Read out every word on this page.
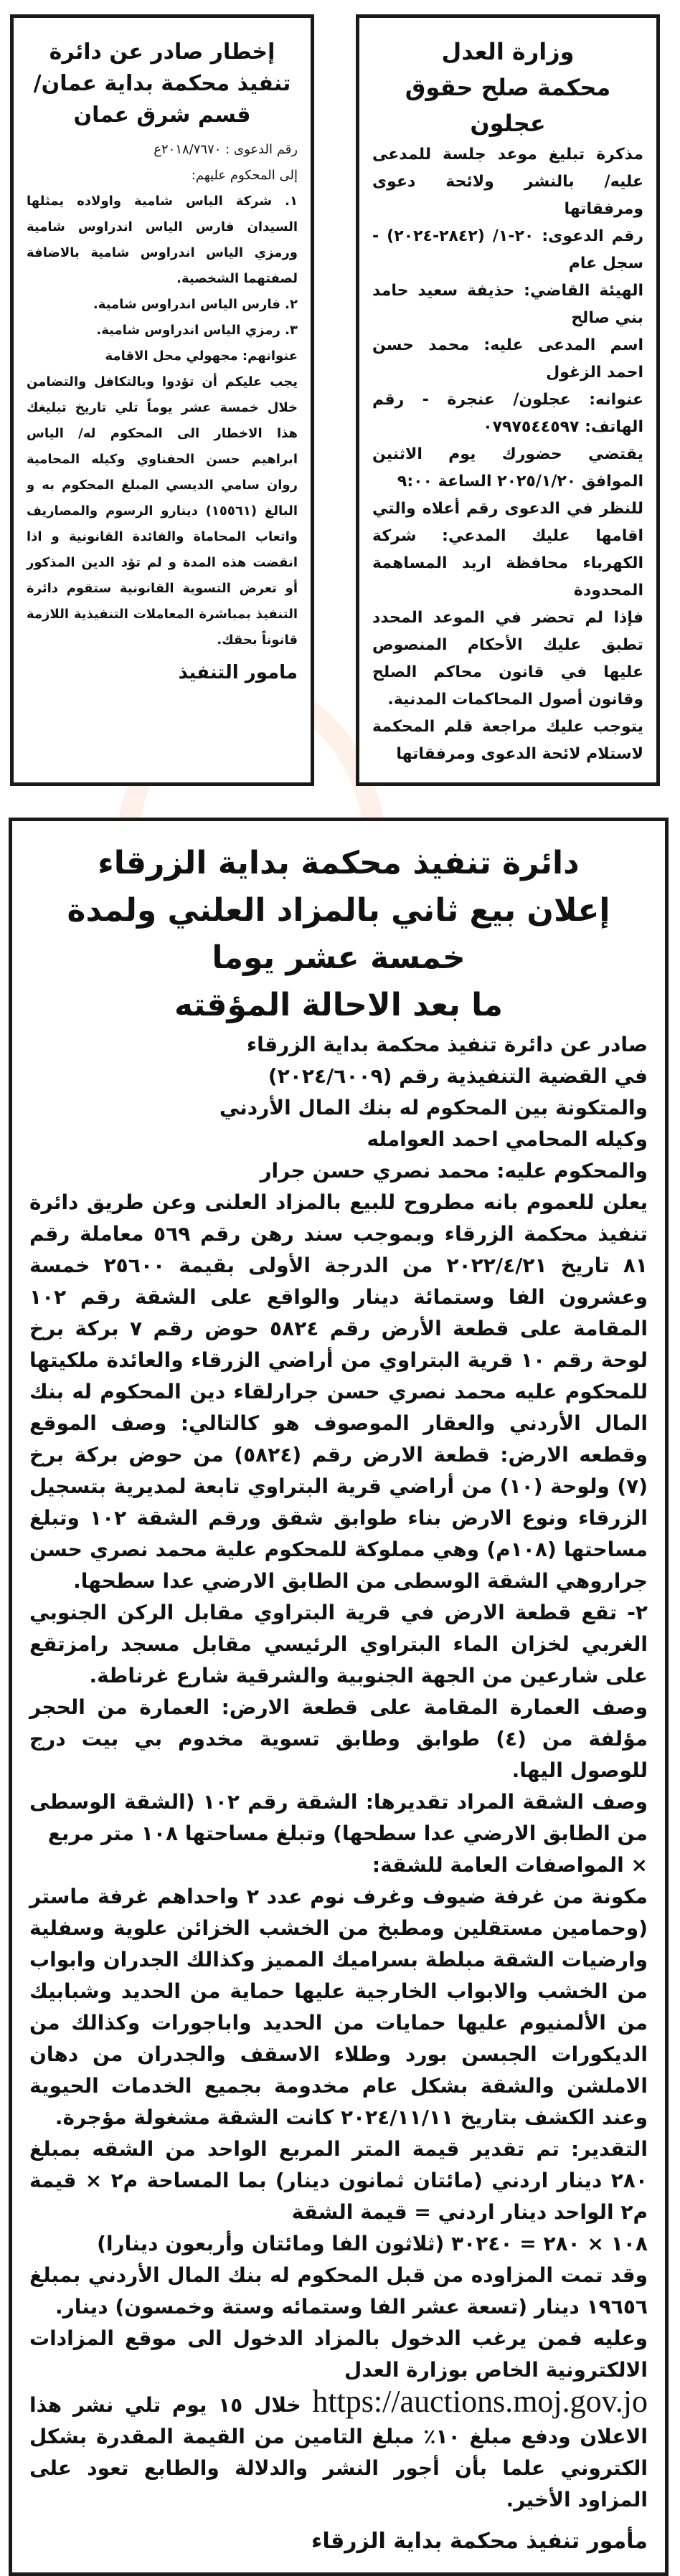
وزارة العدل
محكمة صلح حقوق عجلون
مذكرة تبليغ موعد جلسة للمدعى عليه/ بالنشر ولائحة دعوى ومرفقاتها
رقم الدعوى: ٢٠-١/ (٢٨٤٢-٢٠٢٤) - سجل عام
الهيئة القاضي: حذيفة سعيد حامد بني صالح
اسم المدعى عليه: محمد حسن احمد الزغول
عنوانه: عجلون/ عنجرة - رقم الهاتف: ٠٧٩٧٥٤٤٥٩٧
يقتضي حضورك يوم الاثنين الموافق ٢٠٢٥/١/٢٠ الساعة ٩:٠٠
للنظر في الدعوى رقم أعلاه والتي اقامها عليك المدعي: شركة الكهرباء محافظة اربد المساهمة المحدودة
فإذا لم تحضر في الموعد المحدد تطبق عليك الأحكام المنصوص عليها في قانون محاكم الصلح وقانون أصول المحاكمات المدنية.
يتوجب عليك مراجعة قلم المحكمة لاستلام لائحة الدعوى ومرفقاتها
إخطار صادر عن دائرة تنفيذ محكمة بداية عمان/ قسم شرق عمان
رقم الدعوى : ٢٠١٨/٧٦٧٠ع
إلى المحكوم عليهم:
١. شركة الياس شامية واولاده يمثلها السيدان فارس الياس اندراوس شامية ورمزي الياس اندراوس شامية بالاضافة لصفتهما الشخصية.
٢. فارس الياس اندراوس شامية.
٣. رمزي الياس اندراوس شامية.
عنوانهم: مجهولي محل الاقامة
يجب عليكم أن تؤدوا وبالتكافل والتضامن خلال خمسة عشر يوماً تلي تاريخ تبليغك هذا الاخطار الى المحكوم له/ الياس ابراهيم حسن الحفناوي وكيله المحامية روان سامي الديسي المبلغ المحكوم به و البالغ (١٥٥٦١) دينارو الرسوم والمصاريف واتعاب المحاماة والفائدة القانونية و اذا انقضت هذه المدة و لم تؤد الدين المذكور أو تعرض التسوية القانونية ستقوم دائرة التنفيذ بمباشرة المعاملات التنفيذية اللازمة قانوناً بحقك.
مامور التنفيذ
دائرة تنفيذ محكمة بداية الزرقاء
إعلان بيع ثاني بالمزاد العلني ولمدة خمسة عشر يوما
ما بعد الاحالة المؤقته
صادر عن دائرة تنفيذ محكمة بداية الزرقاء
في القضية التنفيذية رقم (٢٠٢٤/٦٠٠٩)
والمتكونة بين المحكوم له بنك المال الأردني
وكيله المحامي احمد العوامله
والمحكوم عليه: محمد نصري حسن جرار
يعلن للعموم بانه مطروح للبيع بالمزاد العلنى وعن طريق دائرة تنفيذ محكمة الزرقاء وبموجب سند رهن رقم ٥٦٩ معاملة رقم ٨١ تاريخ ٢٠٢٢/٤/٢١ من الدرجة الأولى بقيمة ٢٥٦٠٠ خمسة وعشرون الفا وستمائة دينار والواقع على الشقة رقم ١٠٢ المقامة على قطعة الأرض رقم ٥٨٢٤ حوض رقم ٧ بركة برخ لوحة رقم ١٠ قرية البتراوي من أراضي الزرقاء والعائدة ملكيتها للمحكوم عليه محمد نصري حسن جرارلقاء دين المحكوم له بنك المال الأردني والعقار الموصوف هو كالتالي: وصف الموقع وقطعه الارض: قطعة الارض رقم (٥٨٢٤) من حوض بركة برخ (٧) ولوحة (١٠) من أراضي قرية البتراوي تابعة لمديرية بتسجيل الزرقاء ونوع الارض بناء طوابق شقق ورقم الشقة ١٠٢ وتبلغ مساحتها (١٠٨م) وهي مملوكة للمحكوم علية محمد نصري حسن جراروهي الشقة الوسطى من الطابق الارضي عدا سطحها.
٢- تقع قطعة الارض في قرية البتراوي مقابل الركن الجنوبي الغربي لخزان الماء البتراوي الرئيسي مقابل مسجد رامزتقع على شارعين من الجهة الجنوبية والشرقية شارع غرناطة.
وصف العمارة المقامة على قطعة الارض: العمارة من الحجر مؤلفة من (٤) طوابق وطابق تسوية مخدوم بي بيت درج للوصول اليها.
وصف الشقة المراد تقديرها: الشقة رقم ١٠٢ (الشقة الوسطى من الطابق الارضي عدا سطحها) وتبلغ مساحتها ١٠٨ متر مربع
× المواصفات العامة للشقة:
مكونة من غرفة ضيوف وغرف نوم عدد ٢ واحداهم غرفة ماستر (وحمامين مستقلين ومطبخ من الخشب الخزائن علوية وسفلية وارضيات الشقة مبلطة بسراميك المميز وكذالك الجدران وابواب من الخشب والابواب الخارجية عليها حماية من الحديد وشبابيك من الألمنيوم عليها حمايات من الحديد واباجورات وكذالك من الديكورات الجبسن بورد وطلاء الاسقف والجدران من دهان الاملشن والشقة بشكل عام مخدومة بجميع الخدمات الحيوية وعند الكشف بتاريخ ٢٠٢٤/١١/١١ كانت الشقة مشغولة مؤجرة.
التقدير: تم تقدير قيمة المتر المربع الواحد من الشقه بمبلغ ٢٨٠ دينار اردني (مائتان ثمانون دينار) بما المساحة م٢ × قيمة م٢ الواحد دينار اردني = قيمة الشقة
١٠٨ × ٢٨٠ = ٣٠٢٤٠ (ثلاثون الفا ومائتان وأربعون دينارا)
وقد تمت المزاوده من قبل المحكوم له بنك المال الأردني بمبلغ ١٩٦٥٦ دينار (تسعة عشر الفا وستمائه وستة وخمسون) دينار.
وعليه فمن يرغب الدخول بالمزاد الدخول الى موقع المزادات الالكترونية الخاص بوزارة العدل
https://auctions.moj.gov.jo خلال ١٥ يوم تلي نشر هذا الاعلان ودفع مبلغ ١٠٪ مبلغ التامين من القيمة المقدرة بشكل الكتروني علما بأن أجور النشر والدلالة والطابع تعود على المزاود الأخير.
مأمور تنفيذ محكمة بداية الزرقاء
